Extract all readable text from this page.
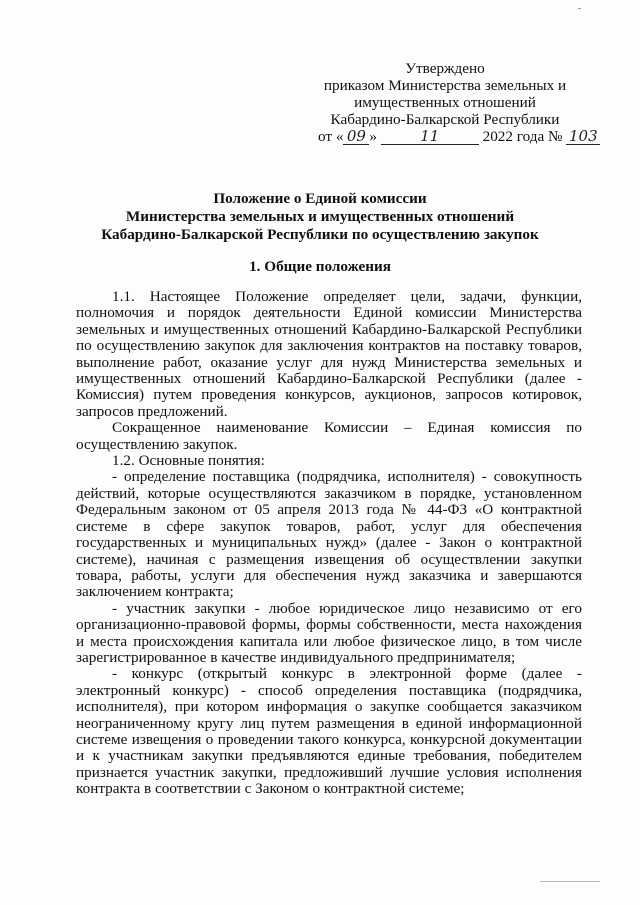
Утверждено
приказом Министерства земельных и
имущественных отношений
Кабардино-Балкарской Республики
от « 09 »	11	2022 года № 103
Положение о Единой комиссии
Министерства земельных и имущественных отношений
Кабардино-Балкарской Республики по осуществлению закупок
1. Общие положения

1.1. Настоящее Положение определяет цели, задачи, функции, полномочия и порядок деятельности Единой комиссии Министерства земельных и имущественных отношений Кабардино-Балкарской Республики по осуществлению закупок для заключения контрактов на поставку товаров, выполнение работ, оказание услуг для нужд Министерства земельных и имущественных отношений Кабардино-Балкарской Республики (далее - Комиссия) путем проведения конкурсов, аукционов, запросов котировок, запросов предложений.

Сокращенное наименование Комиссии – Единая комиссия по осуществлению закупок.

1.2. Основные понятия:

- определение поставщика (подрядчика, исполнителя) - совокупность действий, которые осуществляются заказчиком в порядке, установленном Федеральным законом от 05 апреля 2013 года № 44-ФЗ «О контрактной системе в сфере закупок товаров, работ, услуг для обеспечения государственных и муниципальных нужд» (далее - Закон о контрактной системе), начиная с размещения извещения об осуществлении закупки товара, работы, услуги для обеспечения нужд заказчика и завершаются заключением контракта;

- участник закупки - любое юридическое лицо независимо от его организационно-правовой формы, формы собственности, места нахождения и места происхождения капитала или любое физическое лицо, в том числе зарегистрированное в качестве индивидуального предпринимателя;

- конкурс (открытый конкурс в электронной форме (далее - электронный конкурс) - способ определения поставщика (подрядчика, исполнителя), при котором информация о закупке сообщается заказчиком неограниченному кругу лиц путем размещения в единой информационной системе извещения о проведении такого конкурса, конкурсной документации и к участникам закупки предъявляются единые требования, победителем признается участник закупки, предложивший лучшие условия исполнения контракта в соответствии с Законом о контрактной системе;
